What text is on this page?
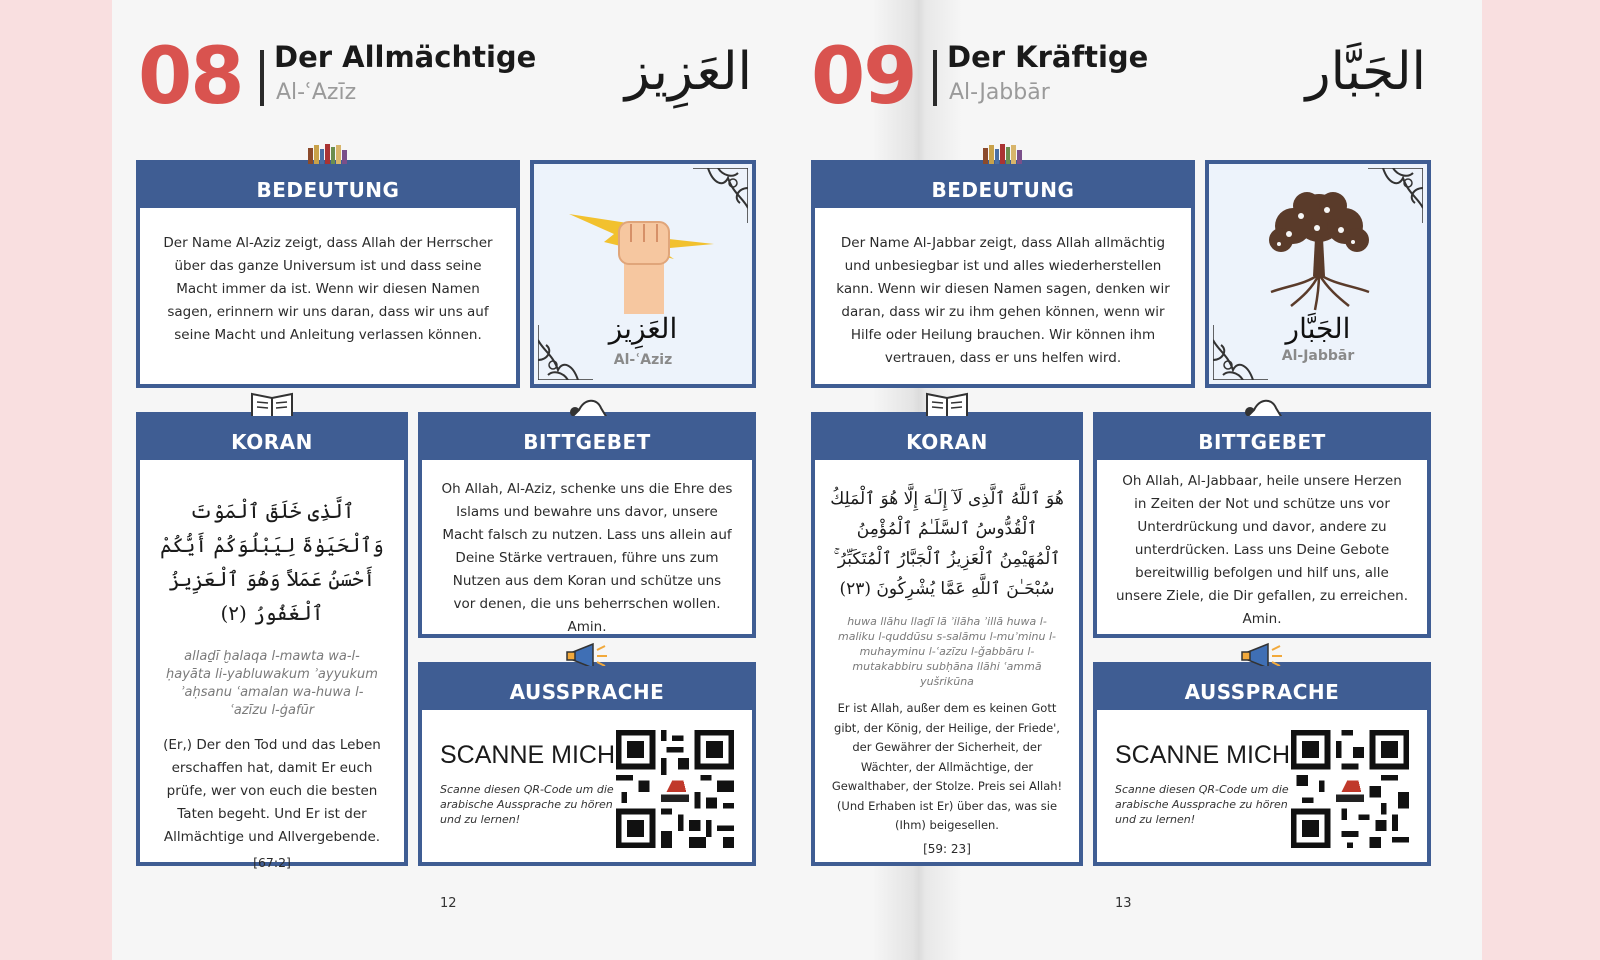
08 Der Allmächtige
Al-ʿAzīz	العَزِيز
BEDEUTUNG

Der Name Al-Aziz zeigt, dass Allah der Herrscher über das ganze Universum ist und dass seine Macht immer da ist. Wenn wir diesen Namen sagen, erinnern wir uns daran, dass wir uns auf seine Macht und Anleitung verlassen können.	العَزِيز
Al-ʿAziz
KORAN
ٱلَّذِى خَلَقَ ٱلْمَوْتَ وَٱلْحَيَوٰةَ لِيَبْلُوَكُمْ أَيُّكُمْ أَحْسَنُ عَمَلاً وَهُوَ ٱلْعَزِيزُ ٱلْغَفُورُ (٢)
allaḏī ḫalaqa l-mawta wa-l-ḥayāta li-yabluwakum ʾayyukum ʾaḥsanu ʿamalan wa-huwa l-ʿazīzu l-ġafūr
(Er,) Der den Tod und das Leben erschaffen hat, damit Er euch prüfe, wer von euch die besten Taten begeht. Und Er ist der Allmächtige und Allvergebende.
[67:2]
BITTGEBET

Oh Allah, Al-Aziz, schenke uns die Ehre des Islams und bewahre uns davor, unsere Macht falsch zu nutzen. Lass uns allein auf Deine Stärke vertrauen, führe uns zum Nutzen aus dem Koran und schütze uns vor denen, die uns beherrschen wollen. Amin.

AUSSPRACHE
SCANNE MICH
Scanne diesen QR-Code um die arabische Aussprache zu hören und zu lernen!
12
09 Der Kräftige
Al-Jabbār	الجَبَّار
BEDEUTUNG

Der Name Al-Jabbar zeigt, dass Allah allmächtig und unbesiegbar ist und alles wiederherstellen kann. Wenn wir diesen Namen sagen, denken wir daran, dass wir zu ihm gehen können, wenn wir Hilfe oder Heilung brauchen. Wir können ihm vertrauen, dass er uns helfen wird.

الجَبَّار
Al-Jabbār
KORAN
هُوَ ٱللَّهُ ٱلَّذِى لَآ إِلَـٰهَ إِلَّا هُوَ ٱلْمَلِكُ ٱلْقُدُّوسُ ٱلسَّلَـٰمُ ٱلْمُؤْمِنُ ٱلْمُهَيْمِنُ ٱلْعَزِيزُ ٱلْجَبَّارُ ٱلْمُتَكَبِّرُ ۚ سُبْحَـٰنَ ٱللَّهِ عَمَّا يُشْرِكُونَ (٢٣)
huwa llāhu llaḏī lā ʾilāha ʾillā huwa l-maliku l-quddūsu s-salāmu l-muʾminu l-muhayminu l-ʿazīzu l-ǧabbāru l-mutakabbiru subḥāna llāhi ʿammā yušrikūna
Er ist Allah, außer dem es keinen Gott gibt, der König, der Heilige, der Friede', der Gewährer der Sicherheit, der Wächter, der Allmächtige, der Gewalthaber, der Stolze. Preis sei Allah! (Und Erhaben ist Er) über das, was sie (Ihm) beigesellen.
[59: 23]
BITTGEBET

Oh Allah, Al-Jabbaar, heile unsere Herzen in Zeiten der Not und schütze uns vor Unterdrückung und davor, andere zu unterdrücken. Lass uns Deine Gebote bereitwillig befolgen und hilf uns, alle unsere Ziele, die Dir gefallen, zu erreichen. Amin.

AUSSPRACHE
SCANNE MICH
Scanne diesen QR-Code um die arabische Aussprache zu hören und zu lernen!
13
